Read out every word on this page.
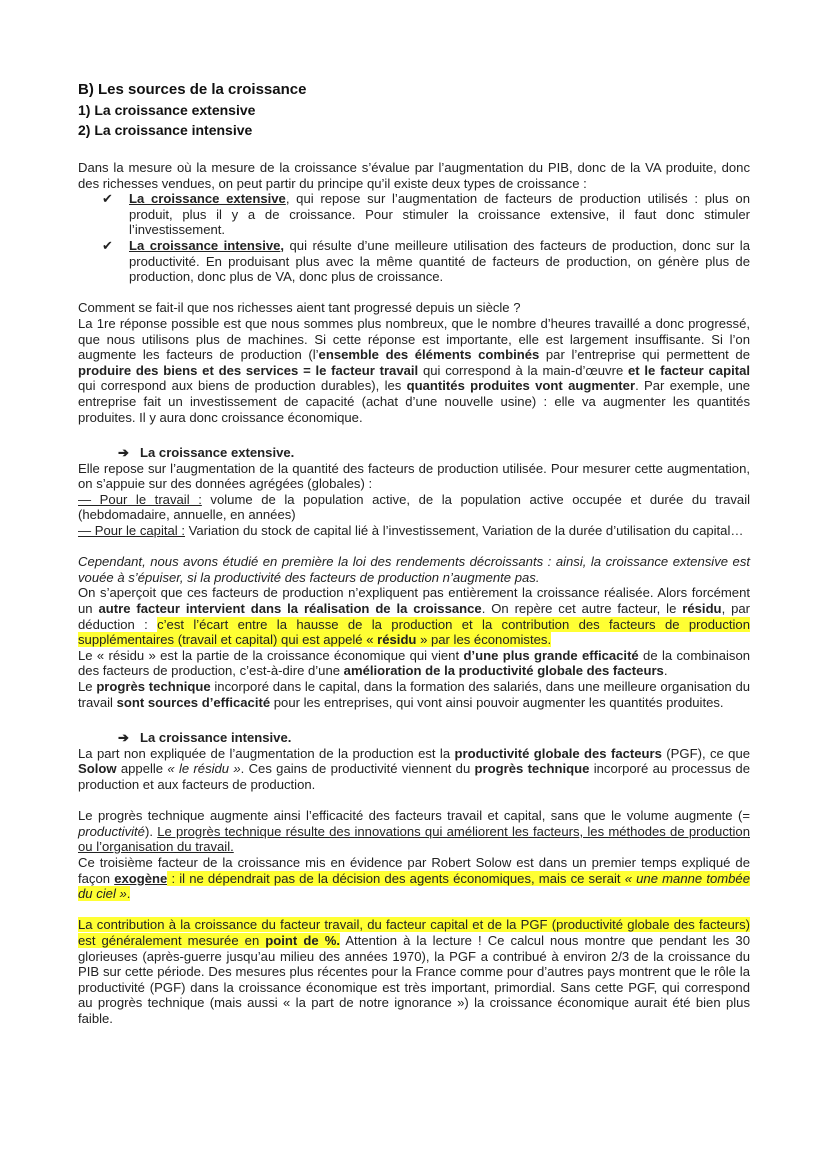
B) Les sources de la croissance
1) La croissance extensive
2) La croissance intensive

Dans la mesure où la mesure de la croissance s’évalue par l’augmentation du PIB, donc de la VA produite, donc des richesses vendues, on peut partir du principe qu’il existe deux types de croissance :

✔ La croissance extensive, qui repose sur l’augmentation de facteurs de production utilisés : plus on produit, plus il y a de croissance. Pour stimuler la croissance extensive, il faut donc stimuler l’investissement.
✔ La croissance intensive, qui résulte d’une meilleure utilisation des facteurs de production, donc sur la productivité. En produisant plus avec la même quantité de facteurs de production, on génère plus de production, donc plus de VA, donc plus de croissance.

Comment se fait-il que nos richesses aient tant progressé depuis un siècle ?

La 1re réponse possible est que nous sommes plus nombreux, que le nombre d’heures travaillé a donc progressé, que nous utilisons plus de machines. Si cette réponse est importante, elle est largement insuffisante. Si l’on augmente les facteurs de production (l’ensemble des éléments combinés par l’entreprise qui permettent de produire des biens et des services = le facteur travail qui correspond à la main-d’œuvre et le facteur capital qui correspond aux biens de production durables), les quantités produites vont augmenter. Par exemple, une entreprise fait un investissement de capacité (achat d’une nouvelle usine) : elle va augmenter les quantités produites. Il y aura donc croissance économique.

➔ La croissance extensive.

Elle repose sur l’augmentation de la quantité des facteurs de production utilisée. Pour mesurer cette augmentation, on s’appuie sur des données agrégées (globales) :

— Pour le travail : volume de la population active, de la population active occupée et durée du travail (hebdomadaire, annuelle, en années)

— Pour le capital : Variation du stock de capital lié à l’investissement, Variation de la durée d’utilisation du capital…

Cependant, nous avons étudié en première la loi des rendements décroissants : ainsi, la croissance extensive est vouée à s’épuiser, si la productivité des facteurs de production n’augmente pas.

On s’aperçoit que ces facteurs de production n’expliquent pas entièrement la croissance réalisée. Alors forcément un autre facteur intervient dans la réalisation de la croissance. On repère cet autre facteur, le résidu, par déduction : c’est l’écart entre la hausse de la production et la contribution des facteurs de production supplémentaires (travail et capital) qui est appelé « résidu » par les économistes.

Le « résidu » est la partie de la croissance économique qui vient d’une plus grande efficacité de la combinaison des facteurs de production, c’est-à-dire d’une amélioration de la productivité globale des facteurs.

Le progrès technique incorporé dans le capital, dans la formation des salariés, dans une meilleure organisation du travail sont sources d’efficacité pour les entreprises, qui vont ainsi pouvoir augmenter les quantités produites.

➔ La croissance intensive.

La part non expliquée de l’augmentation de la production est la productivité globale des facteurs (PGF), ce que Solow appelle « le résidu ». Ces gains de productivité viennent du progrès technique incorporé au processus de production et aux facteurs de production.

Le progrès technique augmente ainsi l’efficacité des facteurs travail et capital, sans que le volume augmente (= productivité). Le progrès technique résulte des innovations qui améliorent les facteurs, les méthodes de production ou l’organisation du travail.

Ce troisième facteur de la croissance mis en évidence par Robert Solow est dans un premier temps expliqué de façon exogène : il ne dépendrait pas de la décision des agents économiques, mais ce serait « une manne tombée du ciel ».

La contribution à la croissance du facteur travail, du facteur capital et de la PGF (productivité globale des facteurs) est généralement mesurée en point de %. Attention à la lecture ! Ce calcul nous montre que pendant les 30 glorieuses (après-guerre jusqu’au milieu des années 1970), la PGF a contribué à environ 2/3 de la croissance du PIB sur cette période. Des mesures plus récentes pour la France comme pour d’autres pays montrent que le rôle la productivité (PGF) dans la croissance économique est très important, primordial. Sans cette PGF, qui correspond au progrès technique (mais aussi « la part de notre ignorance ») la croissance économique aurait été bien plus faible.
